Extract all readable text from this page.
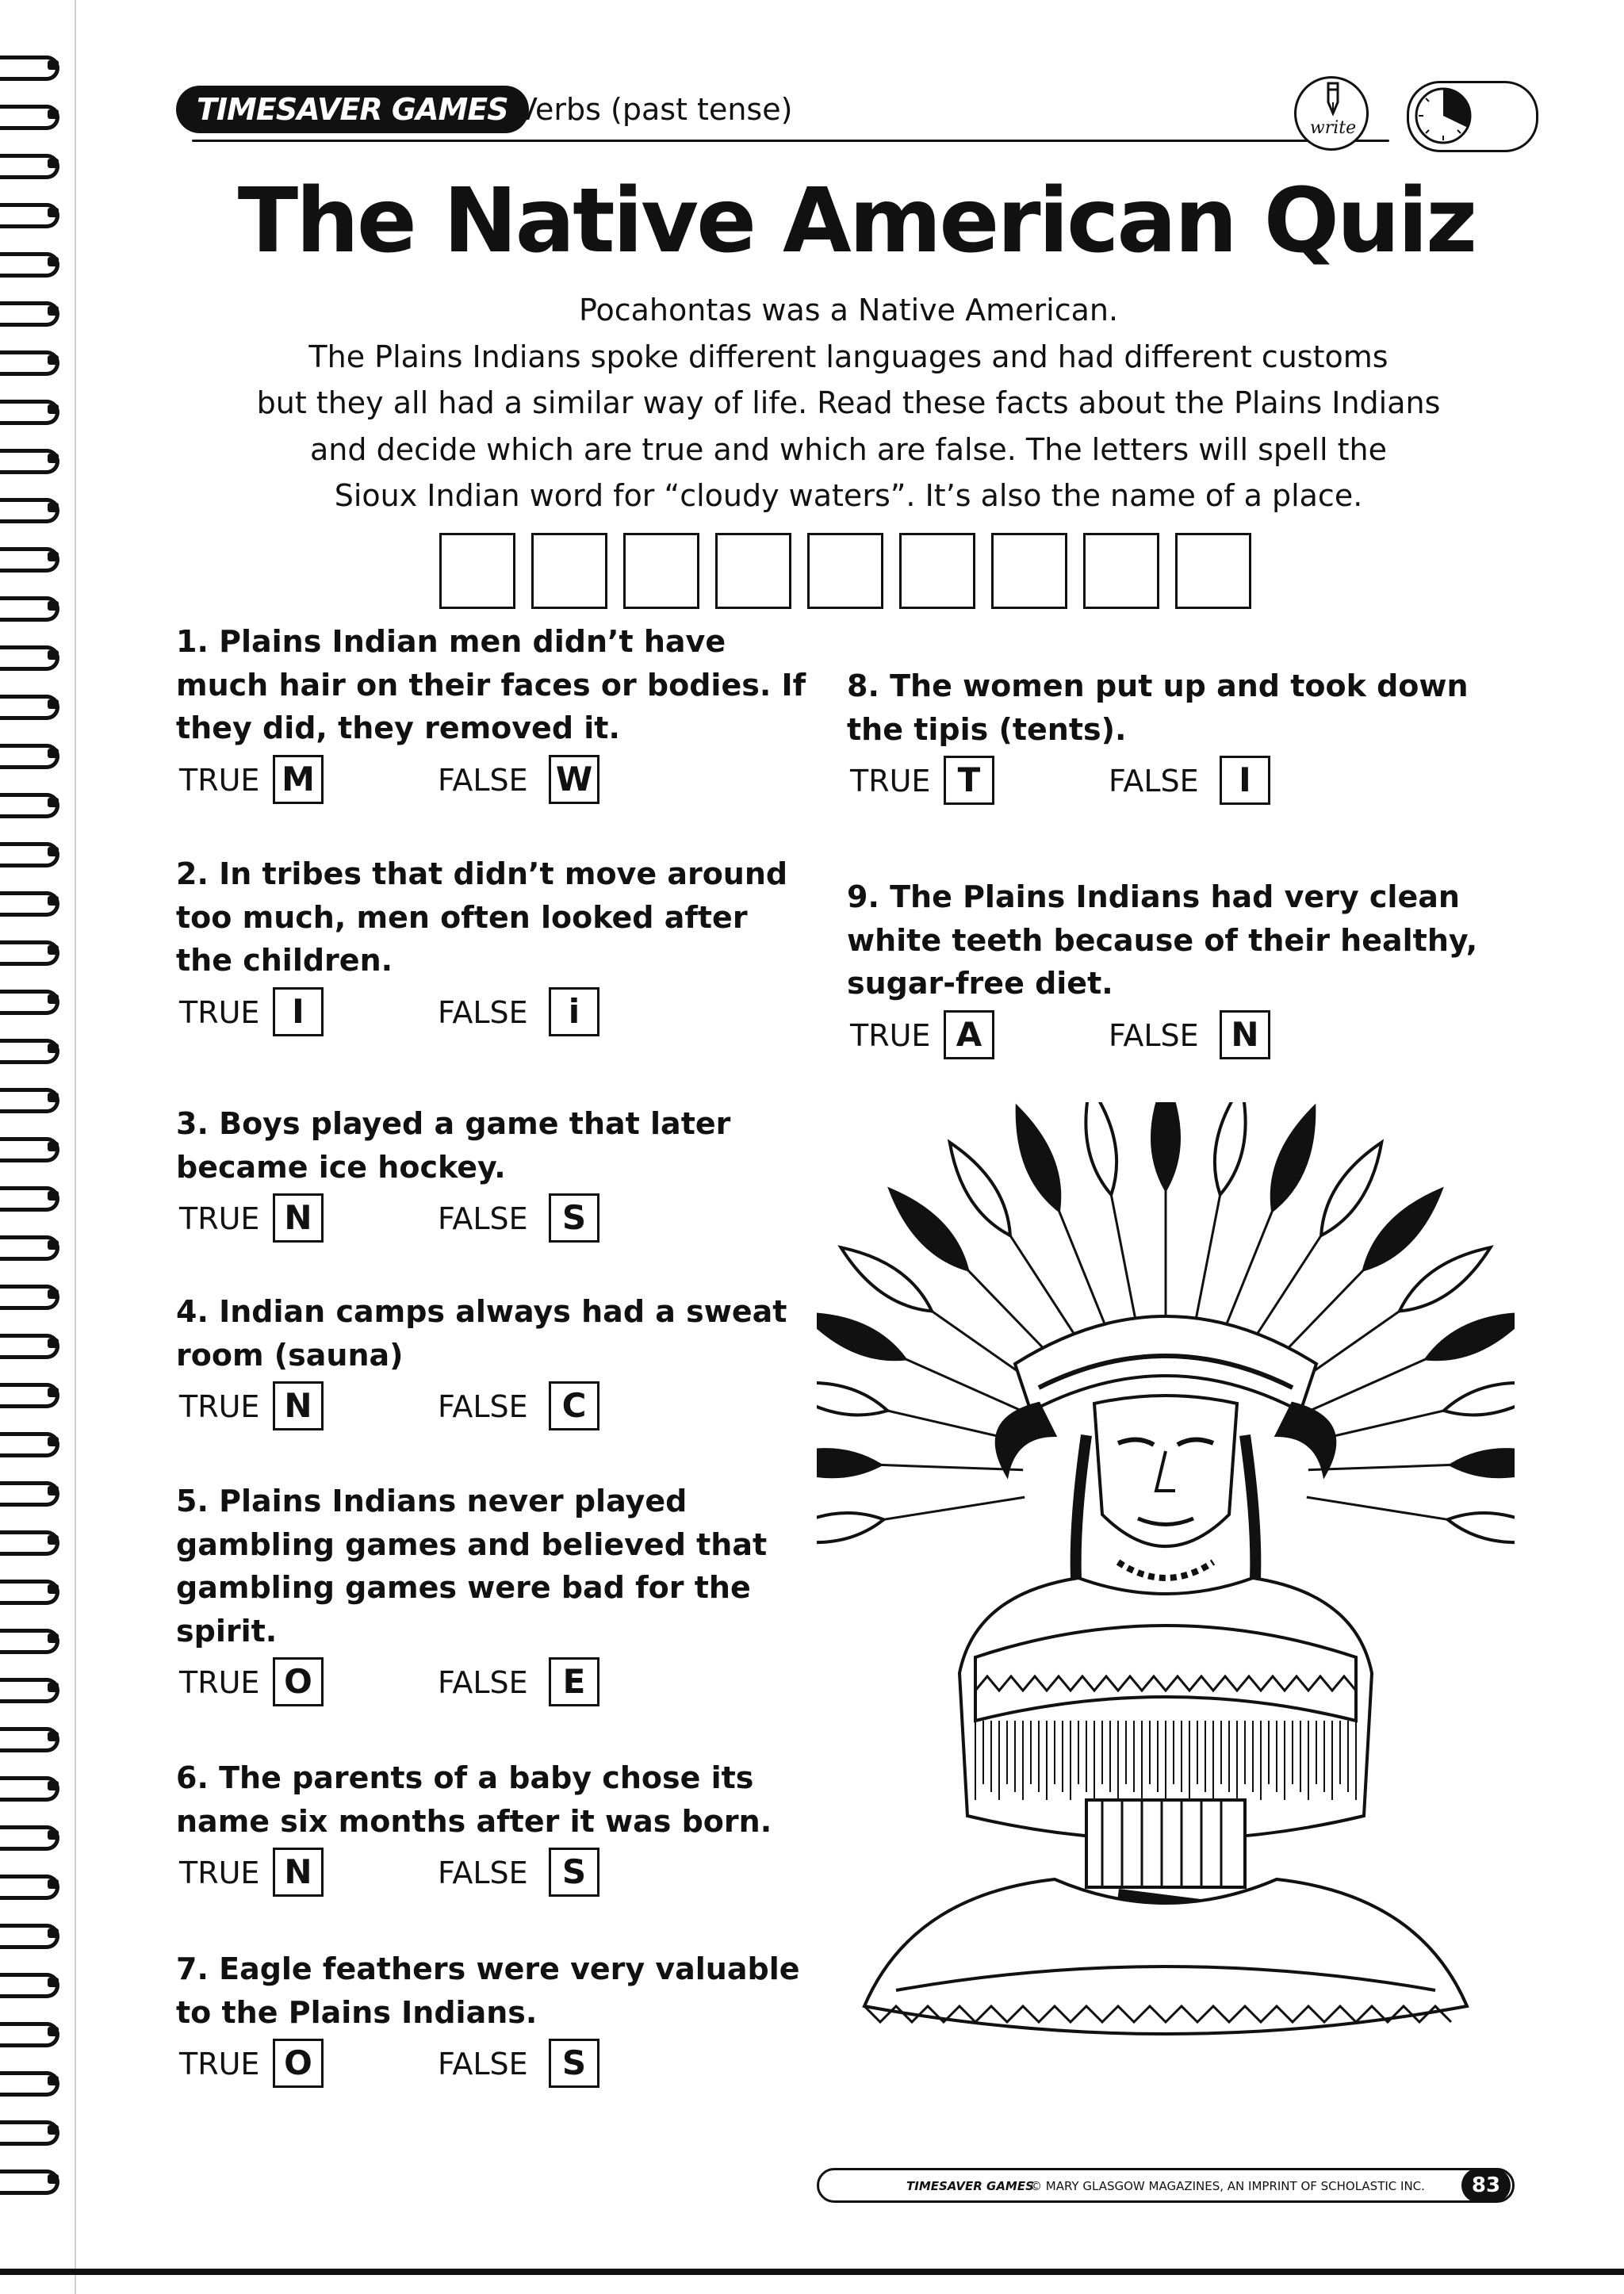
TIMESAVER GAMES Verbs (past tense)
write
The Native American Quiz

Pocahontas was a Native American.

The Plains Indians spoke different languages and had different customs

but they all had a similar way of life. Read these facts about the Plains Indians

and decide which are true and which are false. The letters will spell the

Sioux Indian word for “cloudy waters”. It’s also the name of a place.

1. Plains Indian men didn’t have much hair on their faces or bodies. If they did, they removed it.

TRUE M	FALSE W

2. In tribes that didn’t move around too much, men often looked after the children.

TRUE I	FALSE	i

3. Boys played a game that later became ice hockey.

TRUE N	FALSE	S

4. Indian camps always had a sweat room (sauna)

TRUE N	FALSE	C

5. Plains Indians never played gambling games and believed that gambling games were bad for the spirit.

TRUE O	FALSE	E

6. The parents of a baby chose its name six months after it was born.

TRUE N	FALSE	S

7. Eagle feathers were very valuable to the Plains Indians.

TRUE O	FALSE	S

8. The women put up and took down the tipis (tents).

TRUE T	FALSE	I

9. The Plains Indians had very clean white teeth because of their healthy, sugar-free diet.

TRUE A	FALSE N
TIMESAVER GAMES
© MARY GLASGOW MAGAZINES, AN IMPRINT OF SCHOLASTIC INC.	83
